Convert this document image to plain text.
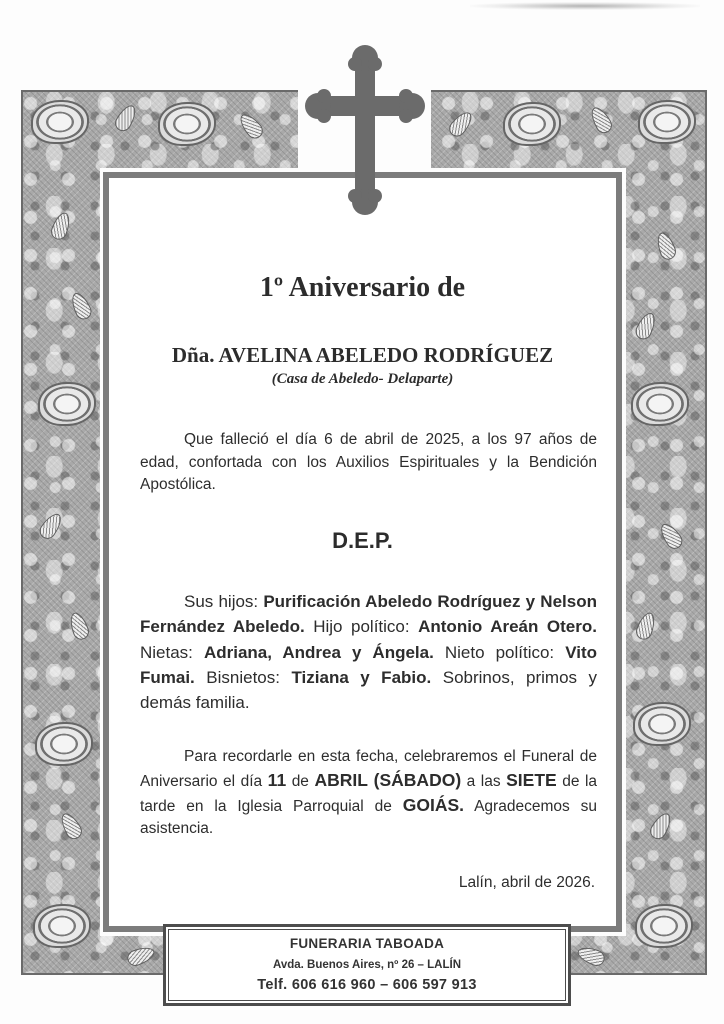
1º Aniversario de
Dña. AVELINA ABELEDO RODRÍGUEZ
(Casa de Abeledo- Delaparte)
Que falleció el día 6 de abril de 2025, a los 97 años de edad, confortada con los Auxilios Espirituales y la Bendición Apostólica.
D.E.P.
Sus hijos: Purificación Abeledo Rodríguez y Nelson Fernández Abeledo. Hijo político: Antonio Areán Otero. Nietas: Adriana, Andrea y Ángela. Nieto político: Vito Fumai. Bisnietos: Tiziana y Fabio. Sobrinos, primos y demás familia.
Para recordarle en esta fecha, celebraremos el Funeral de Aniversario el día 11 de ABRIL (SÁBADO) a las SIETE de la tarde en la Iglesia Parroquial de GOIÁS. Agradecemos su asistencia.
Lalín, abril de 2026.
FUNERARIA TABOADA
Avda. Buenos Aires, nº 26 – LALÍN
Telf. 606 616 960 – 606 597 913
